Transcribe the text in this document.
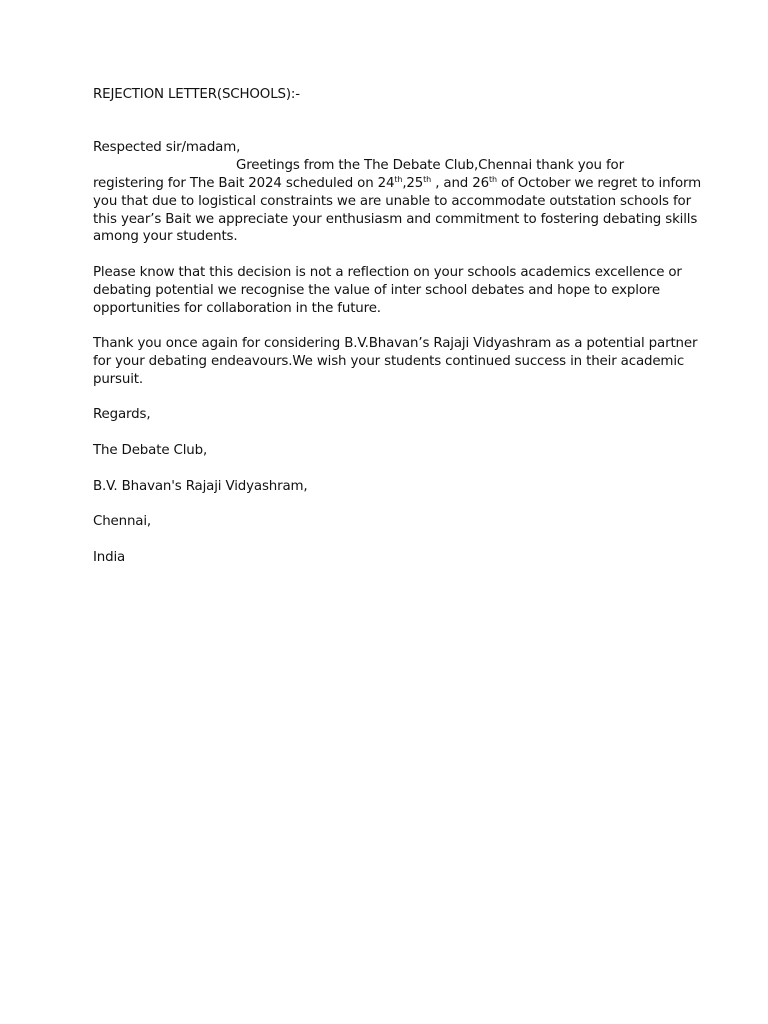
REJECTION LETTER(SCHOOLS):-
Respected sir/madam,
Greetings from the The Debate Club,Chennai thank you for
registering for The Bait 2024 scheduled on 24th,25th , and 26th of October we regret to inform
you that due to logistical constraints we are unable to accommodate outstation schools for
this year’s Bait we appreciate your enthusiasm and commitment to fostering debating skills
among your students.
Please know that this decision is not a reflection on your schools academics excellence or
debating potential we recognise the value of inter school debates and hope to explore
opportunities for collaboration in the future.
Thank you once again for considering B.V.Bhavan’s Rajaji Vidyashram as a potential partner
for your debating endeavours.We wish your students continued success in their academic
pursuit.
Regards,
The Debate Club,
B.V. Bhavan's Rajaji Vidyashram,
Chennai,
India
